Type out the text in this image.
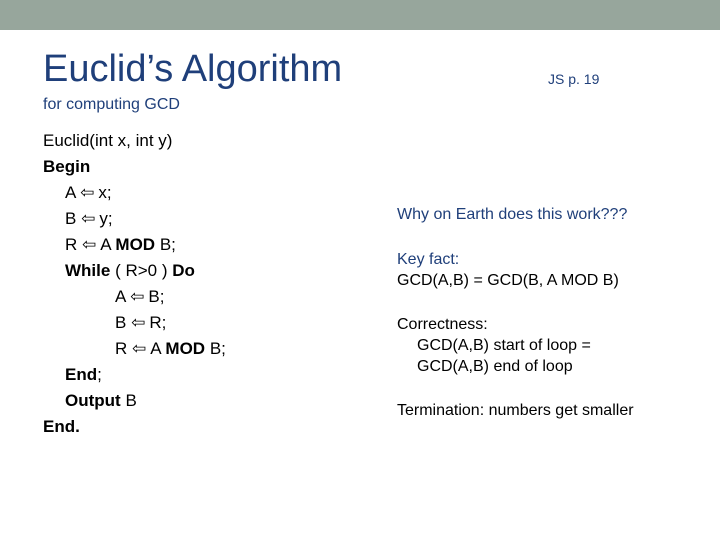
Euclid’s Algorithm
for computing GCD
JS p. 19
Euclid(int x, int y)
Begin
A ⇦ x;
B ⇦ y;
R ⇦ A MOD B;
While ( R>0 ) Do
A ⇦ B;
B ⇦ R;
R ⇦ A MOD B;
End;
Output B
End.
Why on Earth does this work???
Key fact:
GCD(A,B) = GCD(B, A MOD B)
Correctness:
GCD(A,B) start of loop =
GCD(A,B) end of loop
Termination: numbers get smaller
